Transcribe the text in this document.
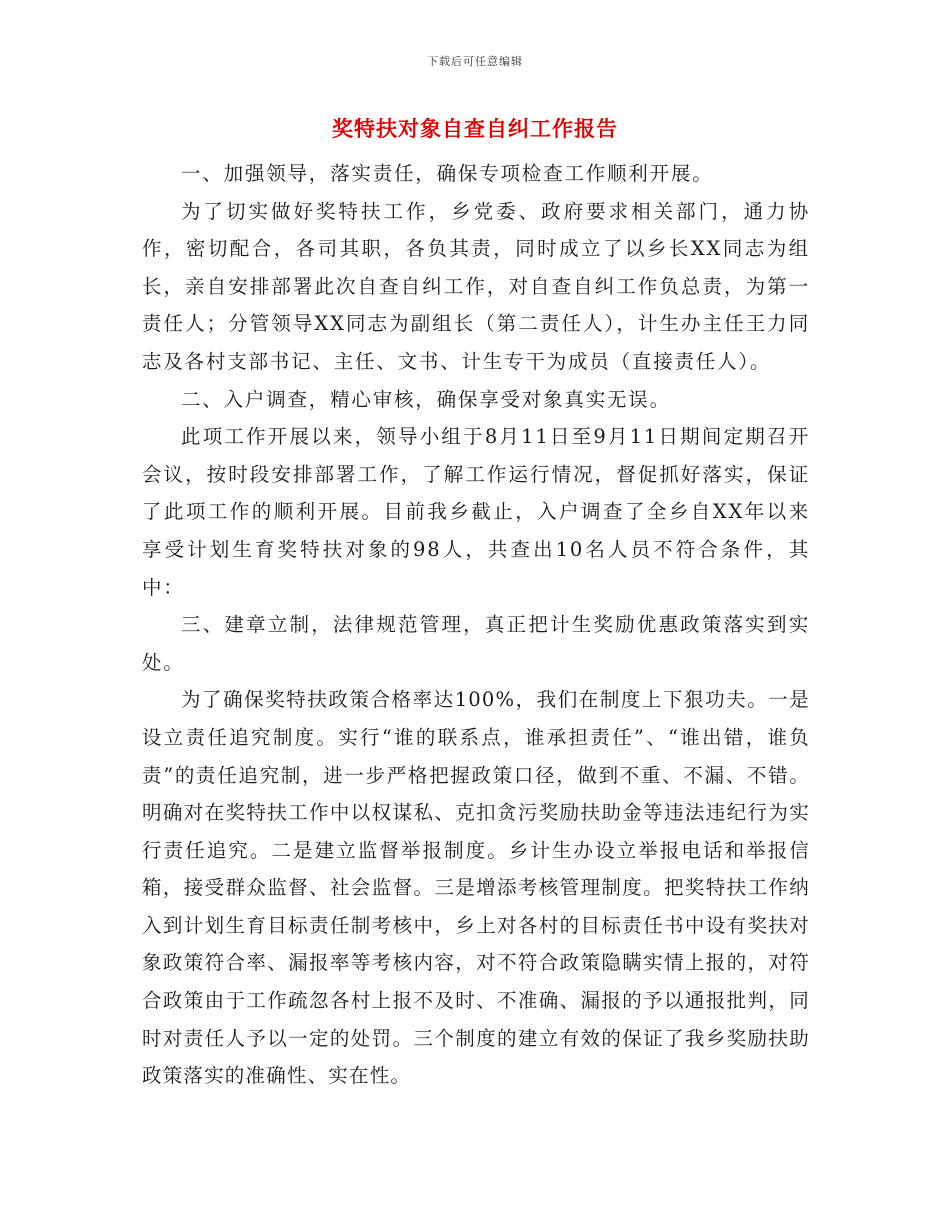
下载后可任意编辑
奖特扶对象自查自纠工作报告

一、加强领导，落实责任，确保专项检查工作顺利开展。

为了切实做好奖特扶工作，乡党委、政府要求相关部门，通力协作，密切配合，各司其职，各负其责，同时成立了以乡长XX同志为组长，亲自安排部署此次自查自纠工作，对自查自纠工作负总责，为第一责任人；分管领导XX同志为副组长（第二责任人），计生办主任王力同志及各村支部书记、主任、文书、计生专干为成员（直接责任人）。

二、入户调查，精心审核，确保享受对象真实无误。

此项工作开展以来，领导小组于8月11日至9月11日期间定期召开会议，按时段安排部署工作，了解工作运行情况，督促抓好落实，保证了此项工作的顺利开展。目前我乡截止，入户调查了全乡自XX年以来享受计划生育奖特扶对象的98人，共查出10名人员不符合条件，其中：

三、建章立制，法律规范管理，真正把计生奖励优惠政策落实到实处。

为了确保奖特扶政策合格率达100%，我们在制度上下狠功夫。一是设立责任追究制度。实行“谁的联系点，谁承担责任”、“谁出错，谁负责”的责任追究制，进一步严格把握政策口径，做到不重、不漏、不错。明确对在奖特扶工作中以权谋私、克扣贪污奖励扶助金等违法违纪行为实行责任追究。二是建立监督举报制度。乡计生办设立举报电话和举报信箱，接受群众监督、社会监督。三是增添考核管理制度。把奖特扶工作纳入到计划生育目标责任制考核中，乡上对各村的目标责任书中设有奖扶对象政策符合率、漏报率等考核内容，对不符合政策隐瞒实情上报的，对符合政策由于工作疏忽各村上报不及时、不准确、漏报的予以通报批判，同时对责任人予以一定的处罚。三个制度的建立有效的保证了我乡奖励扶助政策落实的准确性、实在性。
